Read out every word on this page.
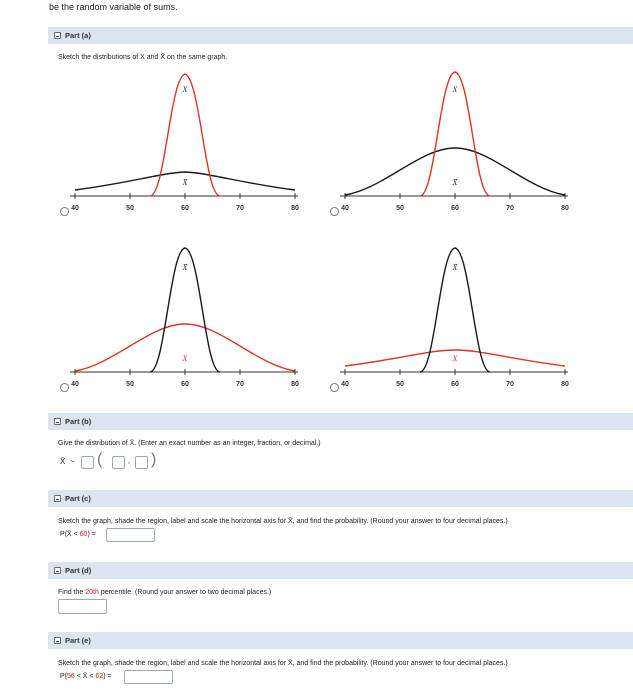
be the random variable of sums.
Part (a)
Sketch the distributions of X and X̄ on the same graph.
X
X̄
40	50	60	70	80
X
X̄
40	50	60	70	80
X̄
X
40	50	60	70	80
X̄
X
40	50	60	70	80
Part (b)
Give the distribution of X̄. (Enter an exact number as an integer, fraction, or decimal.)
X̄ ~ (	, )
Part (c)
Sketch the graph, shade the region, label and scale the horizontal axis for X̄, and find the probability. (Round your answer to four decimal places.)
P(X̄ < 60) =
Part (d)
Find the 20th percentile. (Round your answer to two decimal places.)
Part (e)
Sketch the graph, shade the region, label and scale the horizontal axis for X̄, and find the probability. (Round your answer to four decimal places.)
P(56 < X̄ < 62) =
